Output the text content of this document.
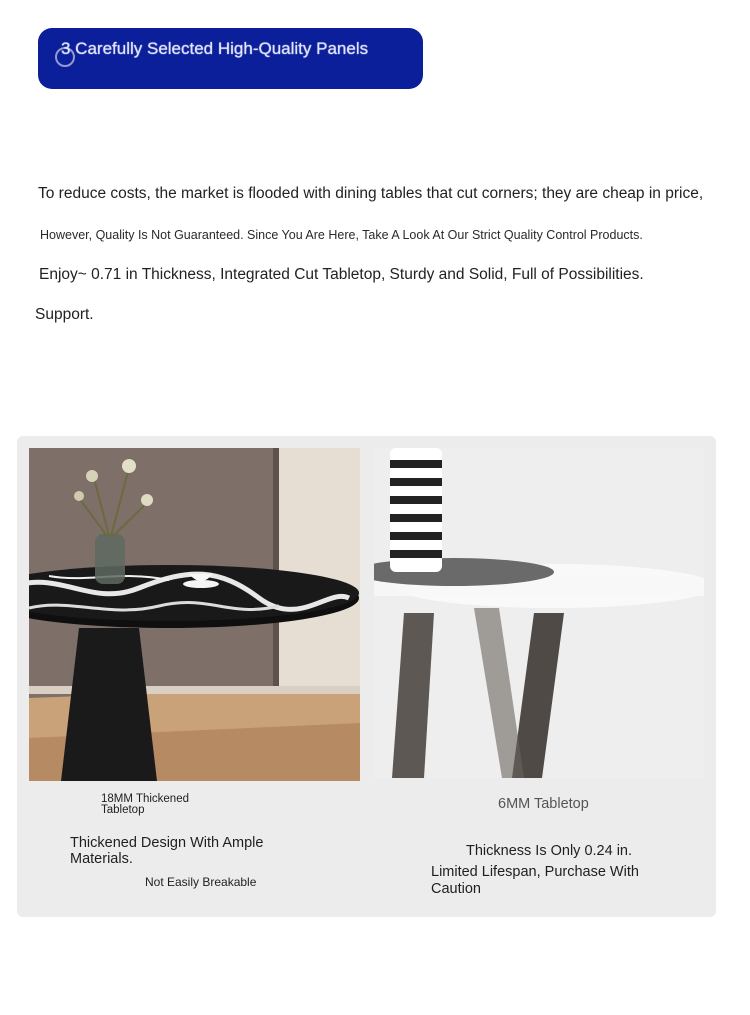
3 Carefully Selected High-Quality Panels
To reduce costs, the market is flooded with dining tables that cut corners; they are cheap in price,
However, Quality Is Not Guaranteed. Since You Are Here, Take A Look At Our Strict Quality Control Products.
Enjoy~ 0.71 in Thickness, Integrated Cut Tabletop, Sturdy and Solid, Full of Possibilities.
Support.
18MM Thickened Tabletop
Thickened Design With Ample Materials.
Not Easily Breakable
6MM Tabletop
Thickness Is Only 0.24 in.
Limited Lifespan, Purchase With Caution
